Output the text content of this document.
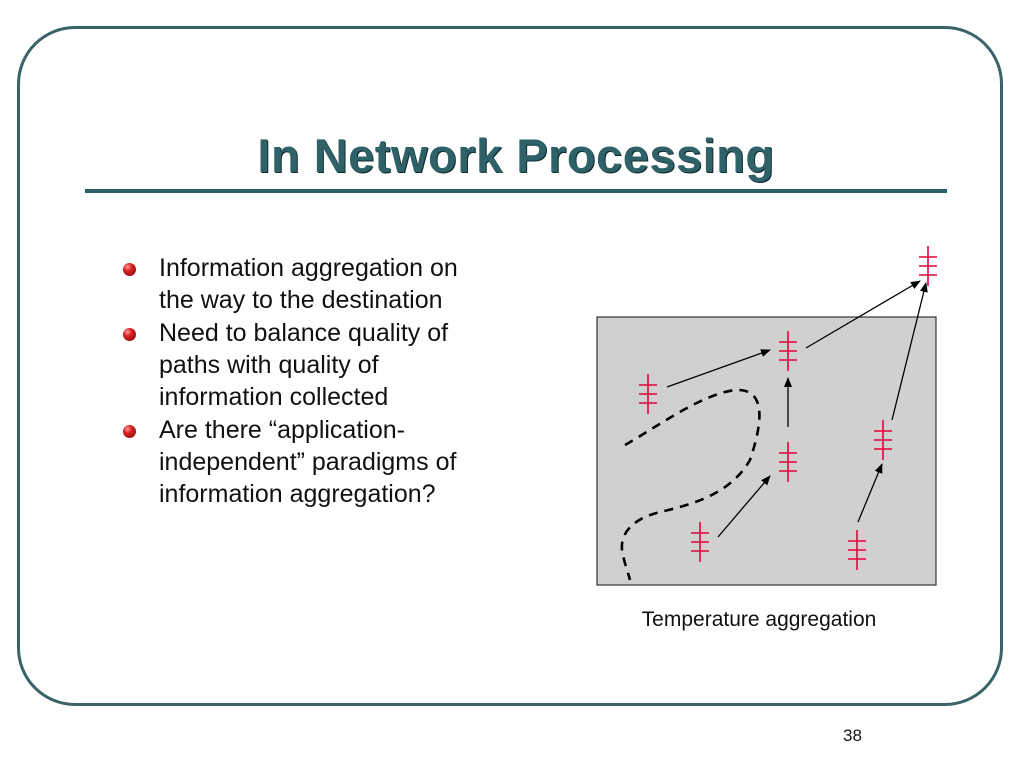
In Network Processing
Information aggregation on the way to the destination
Need to balance quality of paths with quality of information collected
Are there “application-independent” paradigms of information aggregation?
Temperature aggregation
38
